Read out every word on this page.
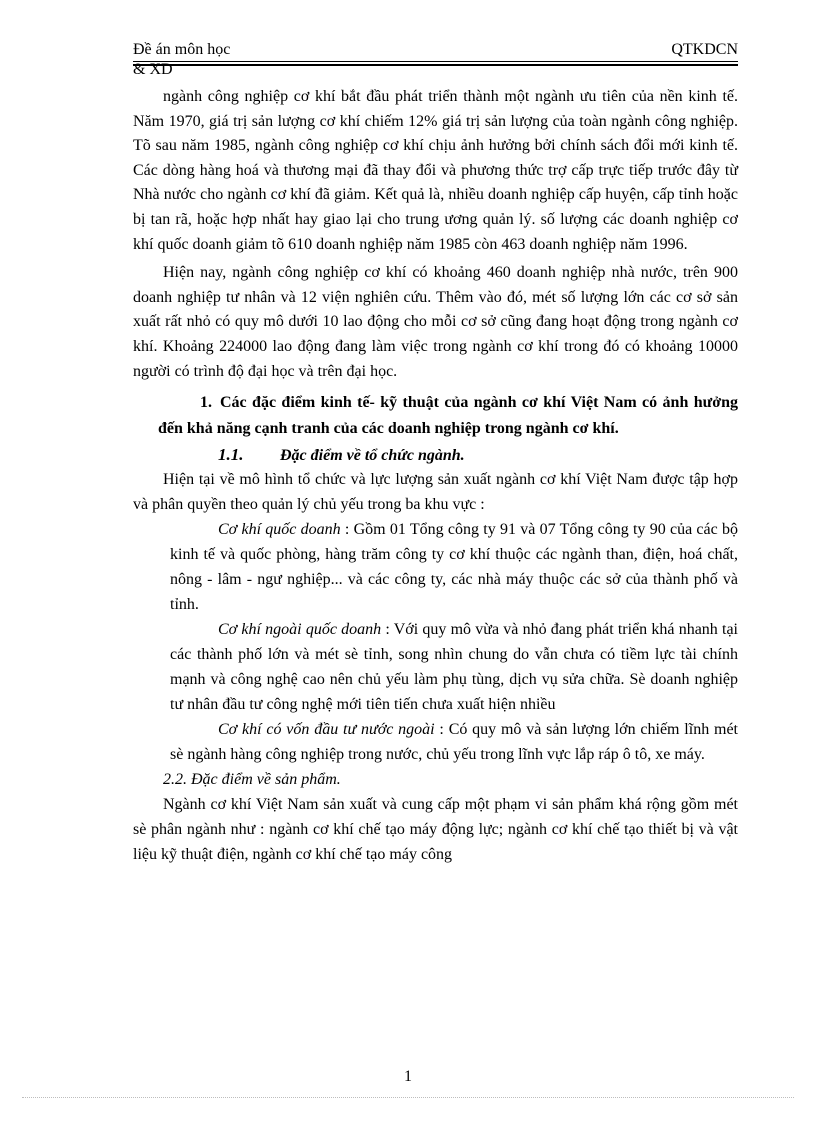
Đề án môn học
& XD
QTKDCN

ngành công nghiệp cơ khí bắt đầu phát triển thành một ngành ưu tiên của nền kinh tế. Năm 1970, giá trị sản lượng cơ khí chiếm 12% giá trị sản lượng của toàn ngành công nghiệp. Tõ sau năm 1985, ngành công nghiệp cơ khí chịu ảnh hưởng bởi chính sách đổi mới kinh tế. Các dòng hàng hoá và thương mại đã thay đổi và phương thức trợ cấp trực tiếp trước đây từ Nhà nước cho ngành cơ khí đã giảm. Kết quả là, nhiều doanh nghiệp cấp huyện, cấp tỉnh hoặc bị tan rã, hoặc hợp nhất hay giao lại cho trung ương quản lý. số lượng các doanh nghiệp cơ khí quốc doanh giảm tõ 610 doanh nghiệp năm 1985 còn 463 doanh nghiệp năm 1996.

Hiện nay, ngành công nghiệp cơ khí có khoảng 460 doanh nghiệp nhà nước, trên 900 doanh nghiệp tư nhân và 12 viện nghiên cứu. Thêm vào đó, mét số lượng lớn các cơ sở sản xuất rất nhỏ có quy mô dưới 10 lao động cho mỗi cơ sở cũng đang hoạt động trong ngành cơ khí. Khoảng 224000 lao động đang làm việc trong ngành cơ khí trong đó có khoảng 10000 người có trình độ đại học và trên đại học.

1. Các đặc điểm kinh tế- kỹ thuật của ngành cơ khí Việt Nam có ảnh hưởng đến khả năng cạnh tranh của các doanh nghiệp trong ngành cơ khí.
1.1. Đặc điểm về tổ chức ngành.

Hiện tại về mô hình tổ chức và lực lượng sản xuất ngành cơ khí Việt Nam được tập hợp và phân quyền theo quản lý chủ yếu trong ba khu vực :

Cơ khí quốc doanh : Gồm 01 Tổng công ty 91 và 07 Tổng công ty 90 của các bộ kinh tế và quốc phòng, hàng trăm công ty cơ khí thuộc các ngành than, điện, hoá chất, nông - lâm - ngư nghiệp... và các công ty, các nhà máy thuộc các sở của thành phố và tỉnh.
Cơ khí ngoài quốc doanh : Với quy mô vừa và nhỏ đang phát triển khá nhanh tại các thành phố lớn và mét sè tỉnh, song nhìn chung do vẫn chưa có tiềm lực tài chính mạnh và công nghệ cao nên chủ yếu làm phụ tùng, dịch vụ sửa chữa. Sè doanh nghiệp tư nhân đầu tư công nghệ mới tiên tiến chưa xuất hiện nhiều
Cơ khí có vốn đầu tư nước ngoài : Có quy mô và sản lượng lớn chiếm lĩnh mét sè ngành hàng công nghiệp trong nước, chủ yếu trong lĩnh vực lắp ráp ô tô, xe máy.
2.2. Đặc điểm về sản phẩm.

Ngành cơ khí Việt Nam sản xuất và cung cấp một phạm vi sản phẩm khá rộng gồm mét sè phân ngành như : ngành cơ khí chế tạo máy động lực; ngành cơ khí chế tạo thiết bị và vật liệu kỹ thuật điện, ngành cơ khí chế tạo máy công

1
